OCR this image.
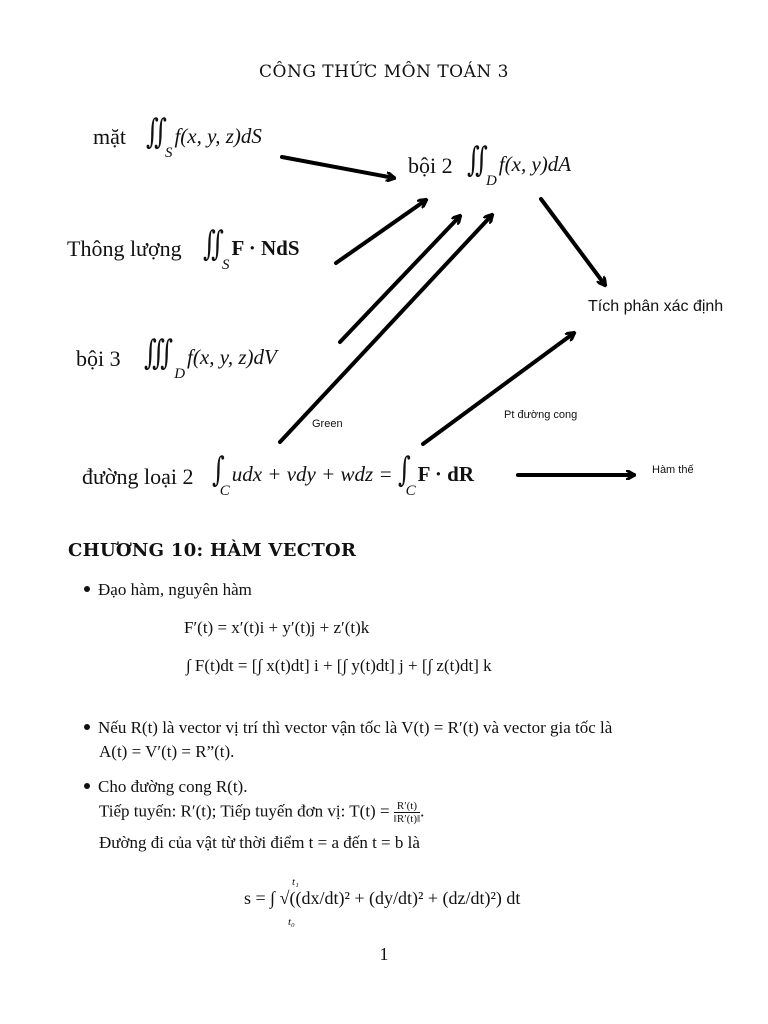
CÔNG THỨC MÔN TOÁN 3
mặt $∬_Sf(x$, y, z)dS
bội 2 $∬_Df(x$, y)dA
Thông lượng $∬_SF$ · NdS
Tích phân xác định
bội 3 $∭_Df(x$, y, z)dV
Green
Pt đường cong
Hàm thế
đường loại 2 $\int_Cudx$ + vdy + wdz = $\int_CF$ · dR
CHƯƠNG 10: HÀM VECTOR
Đạo hàm, nguyên hàm
F′(t) = x′(t)i + y′(t)j + z′(t)k
∫ F(t)dt = [∫ x(t)dt] i + [∫ y(t)dt] j + [∫ z(t)dt] k
Nếu R(t) là vector vị trí thì vector vận tốc là V(t) = R′(t) và vector gia tốc là
A(t) = V′(t) = R”(t).
Cho đường cong R(t).
Tiếp tuyến: R′(t); Tiếp tuyến đơn vị: $T(t) = \frac{R'(t)}{‖R'(t)‖}$ .
Đường đi của vật từ thời điểm t = a đến t = b là
s = ∫ √((dx/dt)² + (dy/dt)² + (dz/dt)²) dt
t₁
t₀
1
